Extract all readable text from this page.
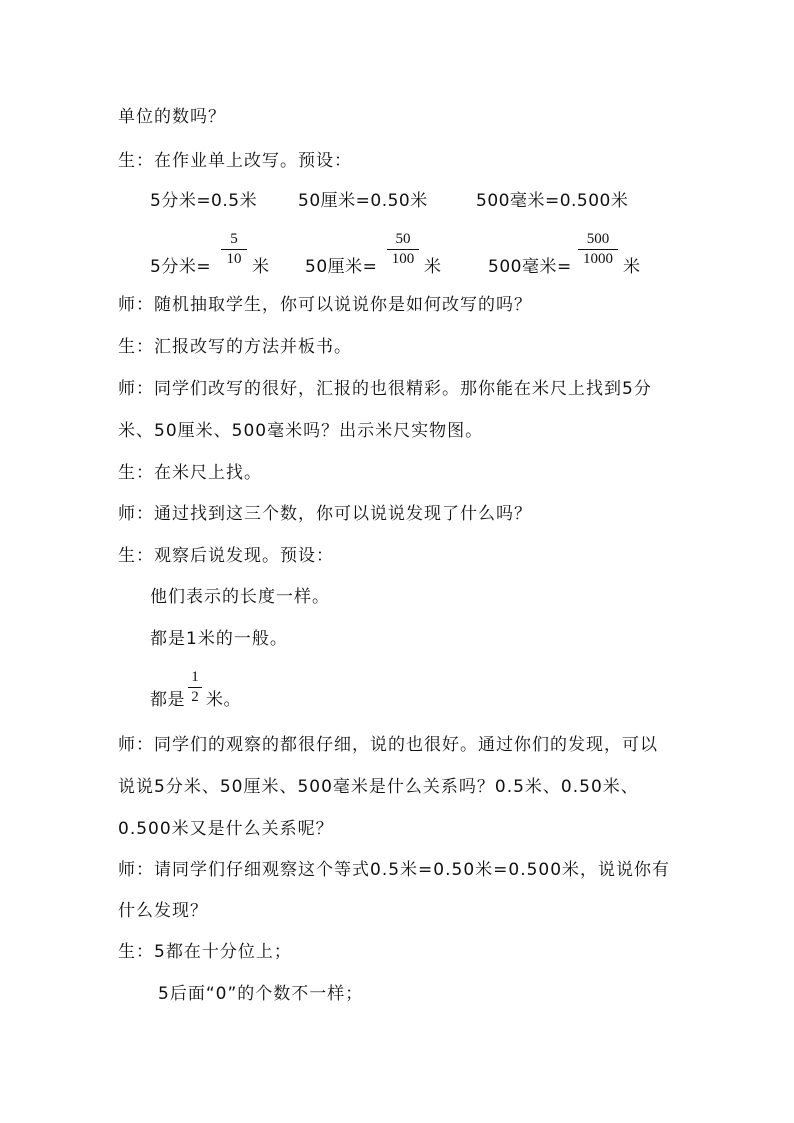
单位的数吗？
生：在作业单上改写。预设：
5分米=0.5米 50厘米=0.50米	500毫米=0.500米
5分米=
5
10 米 50厘米=
50
100 米	500毫米=
500
1000 米
师：随机抽取学生，你可以说说你是如何改写的吗？
生：汇报改写的方法并板书。
师：同学们改写的很好，汇报的也很精彩。那你能在米尺上找到5分
米、50厘米、500毫米吗？出示米尺实物图。
生：在米尺上找。
师：通过找到这三个数，你可以说说发现了什么吗？
生：观察后说发现。预设：
他们表示的长度一样。
都是1米的一般。
都是
1
2 米。
师：同学们的观察的都很仔细，说的也很好。通过你们的发现，可以
说说5分米、50厘米、500毫米是什么关系吗？0.5米、0.50米、
0.500米又是什么关系呢？
师：请同学们仔细观察这个等式0.5米=0.50米=0.500米，说说你有
什么发现？
生：5都在十分位上；
5后面“0”的个数不一样；
